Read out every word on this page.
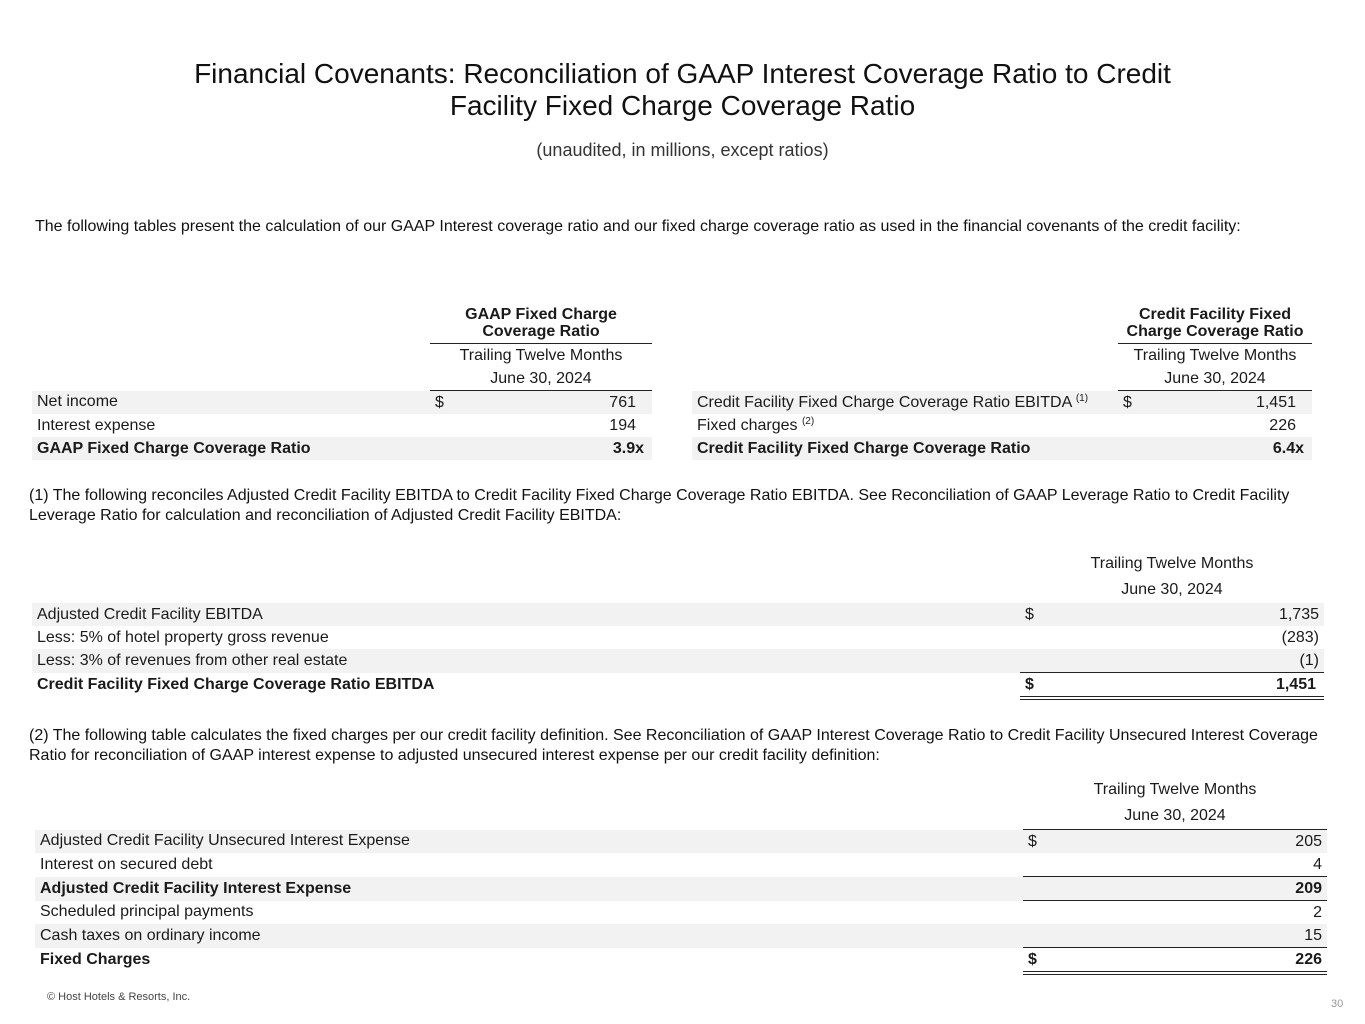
Financial Covenants: Reconciliation of GAAP Interest Coverage Ratio to Credit
Facility Fixed Charge Coverage Ratio
(unaudited, in millions, except ratios)
The following tables present the calculation of our GAAP Interest coverage ratio and our fixed charge coverage ratio as used in the financial covenants of the credit facility:

	GAAP Fixed Charge
Coverage Ratio	

	Trailing Twelve Months	
	June 30, 2024	
Net income	$	761
Interest expense		194
GAAP Fixed Charge Coverage Ratio		3.9x

	Credit Facility Fixed
Charge Coverage Ratio	

	Trailing Twelve Months	
	June 30, 2024	
Credit Facility Fixed Charge Coverage Ratio EBITDA $^{(1)}$	$	1,451
Fixed charges $^{(2)}$		226
Credit Facility Fixed Charge Coverage Ratio		6.4x
(1) The following reconciles Adjusted Credit Facility EBITDA to Credit Facility Fixed Charge Coverage Ratio EBITDA. See Reconciliation of GAAP Leverage Ratio to Credit Facility Leverage Ratio for calculation and reconciliation of Adjusted Credit Facility EBITDA:
	Trailing Twelve Months	
	June 30, 2024	
Adjusted Credit Facility EBITDA	$	1,735
Less: 5% of hotel property gross revenue		(283)
Less: 3% of revenues from other real estate		(1)
Credit Facility Fixed Charge Coverage Ratio EBITDA	$	1,451
(2) The following table calculates the fixed charges per our credit facility definition. See Reconciliation of GAAP Interest Coverage Ratio to Credit Facility Unsecured Interest Coverage Ratio for reconciliation of GAAP interest expense to adjusted unsecured interest expense per our credit facility definition:
	Trailing Twelve Months	
	June 30, 2024	
Adjusted Credit Facility Unsecured Interest Expense	$	205
Interest on secured debt		4
Adjusted Credit Facility Interest Expense		209
Scheduled principal payments		2
Cash taxes on ordinary income		15
Fixed Charges	$	226
© Host Hotels & Resorts, Inc.
30
